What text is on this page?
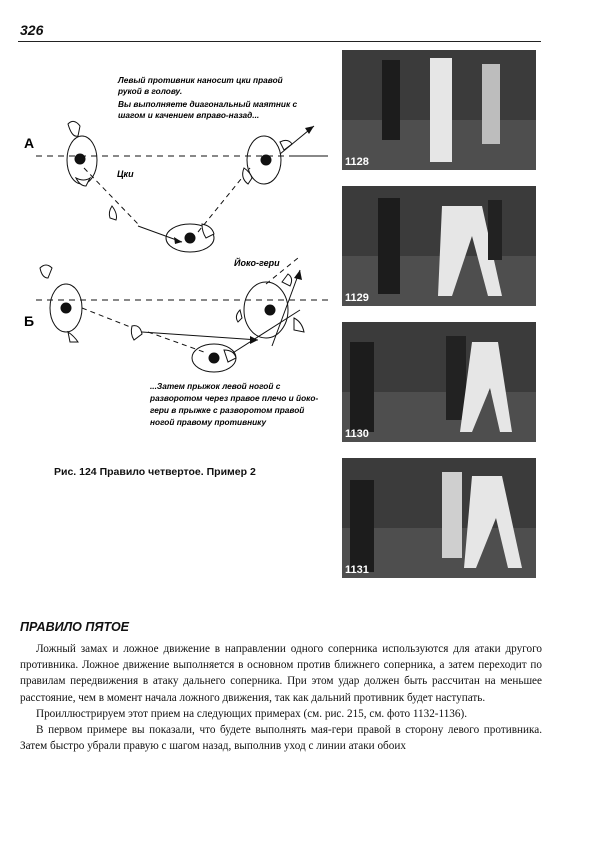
326
А
Б
Левый противник наносит цки правой
рукой в голову.
Вы выполняете диагональный маятник с
шагом и качением вправо-назад...
Цки
Йоко-гери
...Затем прыжок левой ногой с
разворотом через правое плечо и йоко-
гери в прыжке с разворотом правой
ногой правому противнику
Рис. 124 Правило четвертое. Пример 2
1128
1129
1130
1131
ПРАВИЛО ПЯТОЕ

Ложный замах и ложное движение в направлении одного соперника используются для атаки другого противника. Ложное движение выполняется в основном против ближнего соперника, а затем переходит по правилам передвижения в атаку дальнего соперника. При этом удар должен быть рассчитан на меньшее расстояние, чем в момент начала ложного движения, так как дальний противник будет наступать.

Проиллюстрируем этот прием на следующих примерах (см. рис. 215, см. фото 1132-1136).

В первом примере вы показали, что будете выполнять мая-гери правой в сторону левого противника. Затем быстро убрали правую с шагом назад, выполнив уход с линии атаки обоих
